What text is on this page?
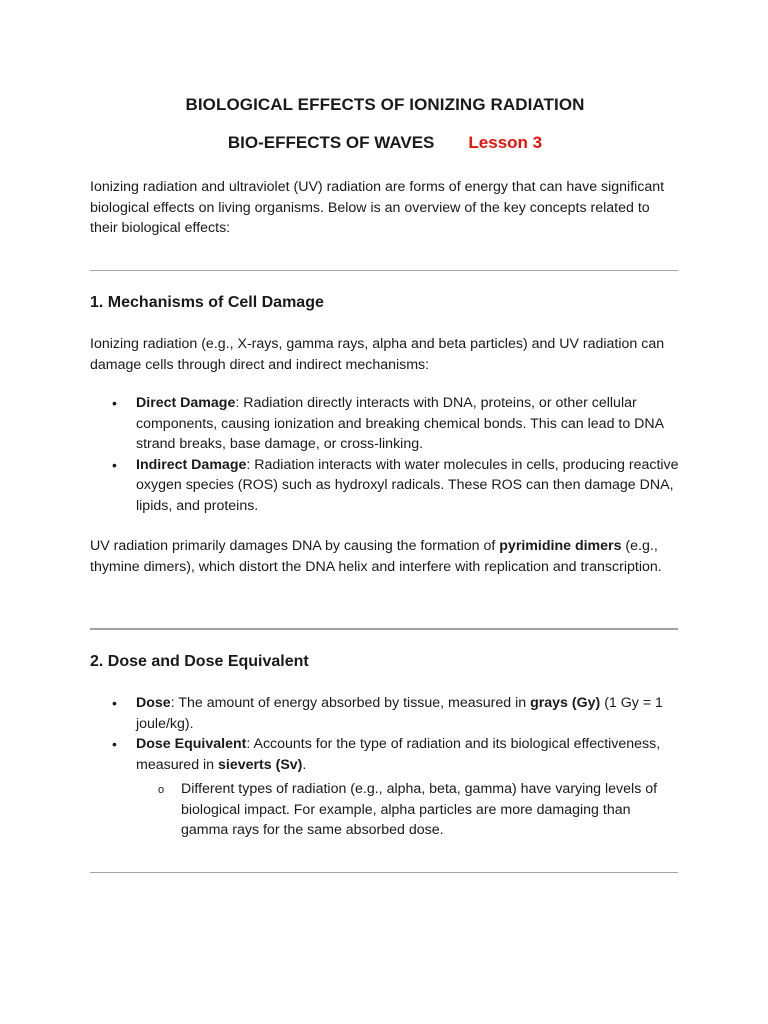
BIOLOGICAL EFFECTS OF IONIZING RADIATION
BIO-EFFECTS OF WAVES Lesson 3

Ionizing radiation and ultraviolet (UV) radiation are forms of energy that can have significant biological effects on living organisms. Below is an overview of the key concepts related to their biological effects:

1. Mechanisms of Cell Damage

Ionizing radiation (e.g., X-rays, gamma rays, alpha and beta particles) and UV radiation can damage cells through direct and indirect mechanisms:

• Direct Damage: Radiation directly interacts with DNA, proteins, or other cellular components, causing ionization and breaking chemical bonds. This can lead to DNA strand breaks, base damage, or cross-linking.
• Indirect Damage: Radiation interacts with water molecules in cells, producing reactive oxygen species (ROS) such as hydroxyl radicals. These ROS can then damage DNA, lipids, and proteins.

UV radiation primarily damages DNA by causing the formation of pyrimidine dimers (e.g., thymine dimers), which distort the DNA helix and interfere with replication and transcription.

2. Dose and Dose Equivalent
• Dose: The amount of energy absorbed by tissue, measured in grays (Gy) (1 Gy = 1 joule/kg).
• Dose Equivalent: Accounts for the type of radiation and its biological effectiveness, measured in sieverts (Sv).
o Different types of radiation (e.g., alpha, beta, gamma) have varying levels of biological impact. For example, alpha particles are more damaging than gamma rays for the same absorbed dose.
